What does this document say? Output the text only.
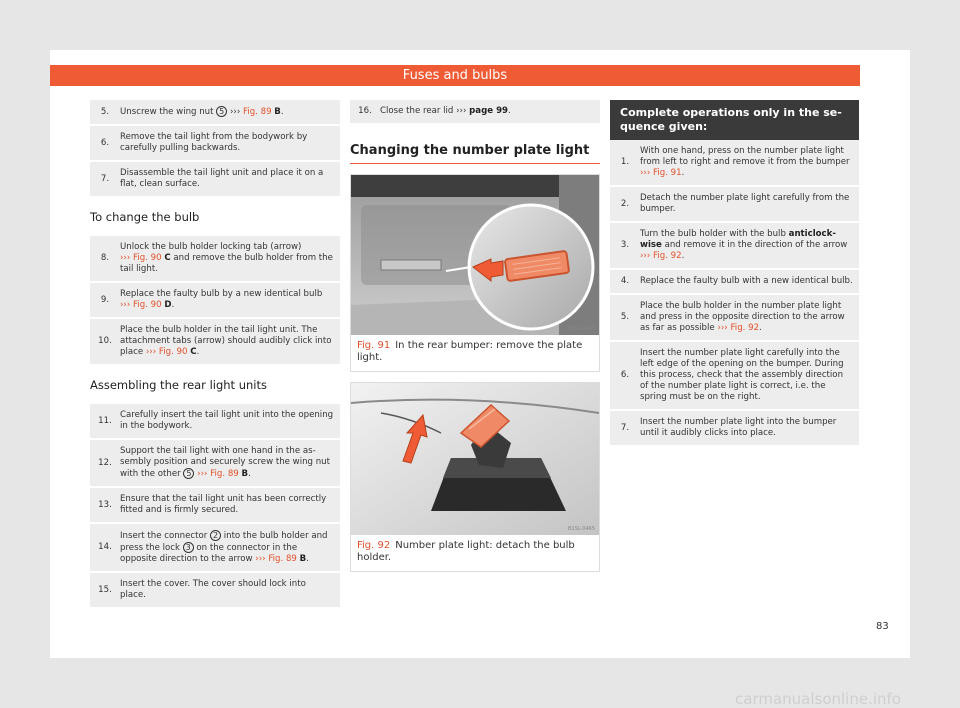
Fuses and bulbs
5.	Unscrew the wing nut 5 ››› Fig. 89 B.
6.	Remove the tail light from the bodywork by carefully pulling backwards.
7.	Disassemble the tail light unit and place it on a flat, clean surface.
To change the bulb
8.	Unlock the bulb holder locking tab (arrow)
››› Fig. 90 C and remove the bulb holder from the tail light.
9.	Replace the faulty bulb by a new identical bulb
››› Fig. 90 D.
10.	Place the bulb holder in the tail light unit. The attachment tabs (arrow) should audibly click into place ››› Fig. 90 C.
Assembling the rear light units
11.	Carefully insert the tail light unit into the opening in the bodywork.
12.	Support the tail light with one hand in the assembly position and securely screw the wing nut with the other 5 ››› Fig. 89 B.
13.	Ensure that the tail light unit has been correctly fitted and is firmly secured.
14.	Insert the connector 2 into the bulb holder and press the lock 3 on the connector in the opposite direction to the arrow ››› Fig. 89 B.
15.	Insert the cover. The cover should lock into place.
16.	Close the rear lid ››› page 99.
Changing the number plate light
B1SL-0465
Fig. 91 In the rear bumper: remove the plate light.
B1SL-0465
Fig. 92 Number plate light: detach the bulb holder.
Complete operations only in the sequence given:
1.	With one hand, press on the number plate light from left to right and remove it from the bumper ››› Fig. 91.
2.	Detach the number plate light carefully from the bumper.
3.	Turn the bulb holder with the bulb anticlockwise and remove it in the direction of the arrow ››› Fig. 92.
4.	Replace the faulty bulb with a new identical bulb.
5.	Place the bulb holder in the number plate light and press in the opposite direction to the arrow as far as possible ››› Fig. 92.
6.	Insert the number plate light carefully into the left edge of the opening on the bumper. During this process, check that the assembly direction of the number plate light is correct, i.e. the spring must be on the right.
7.	Insert the number plate light into the bumper until it audibly clicks into place.
83
carmanualsonline.info
